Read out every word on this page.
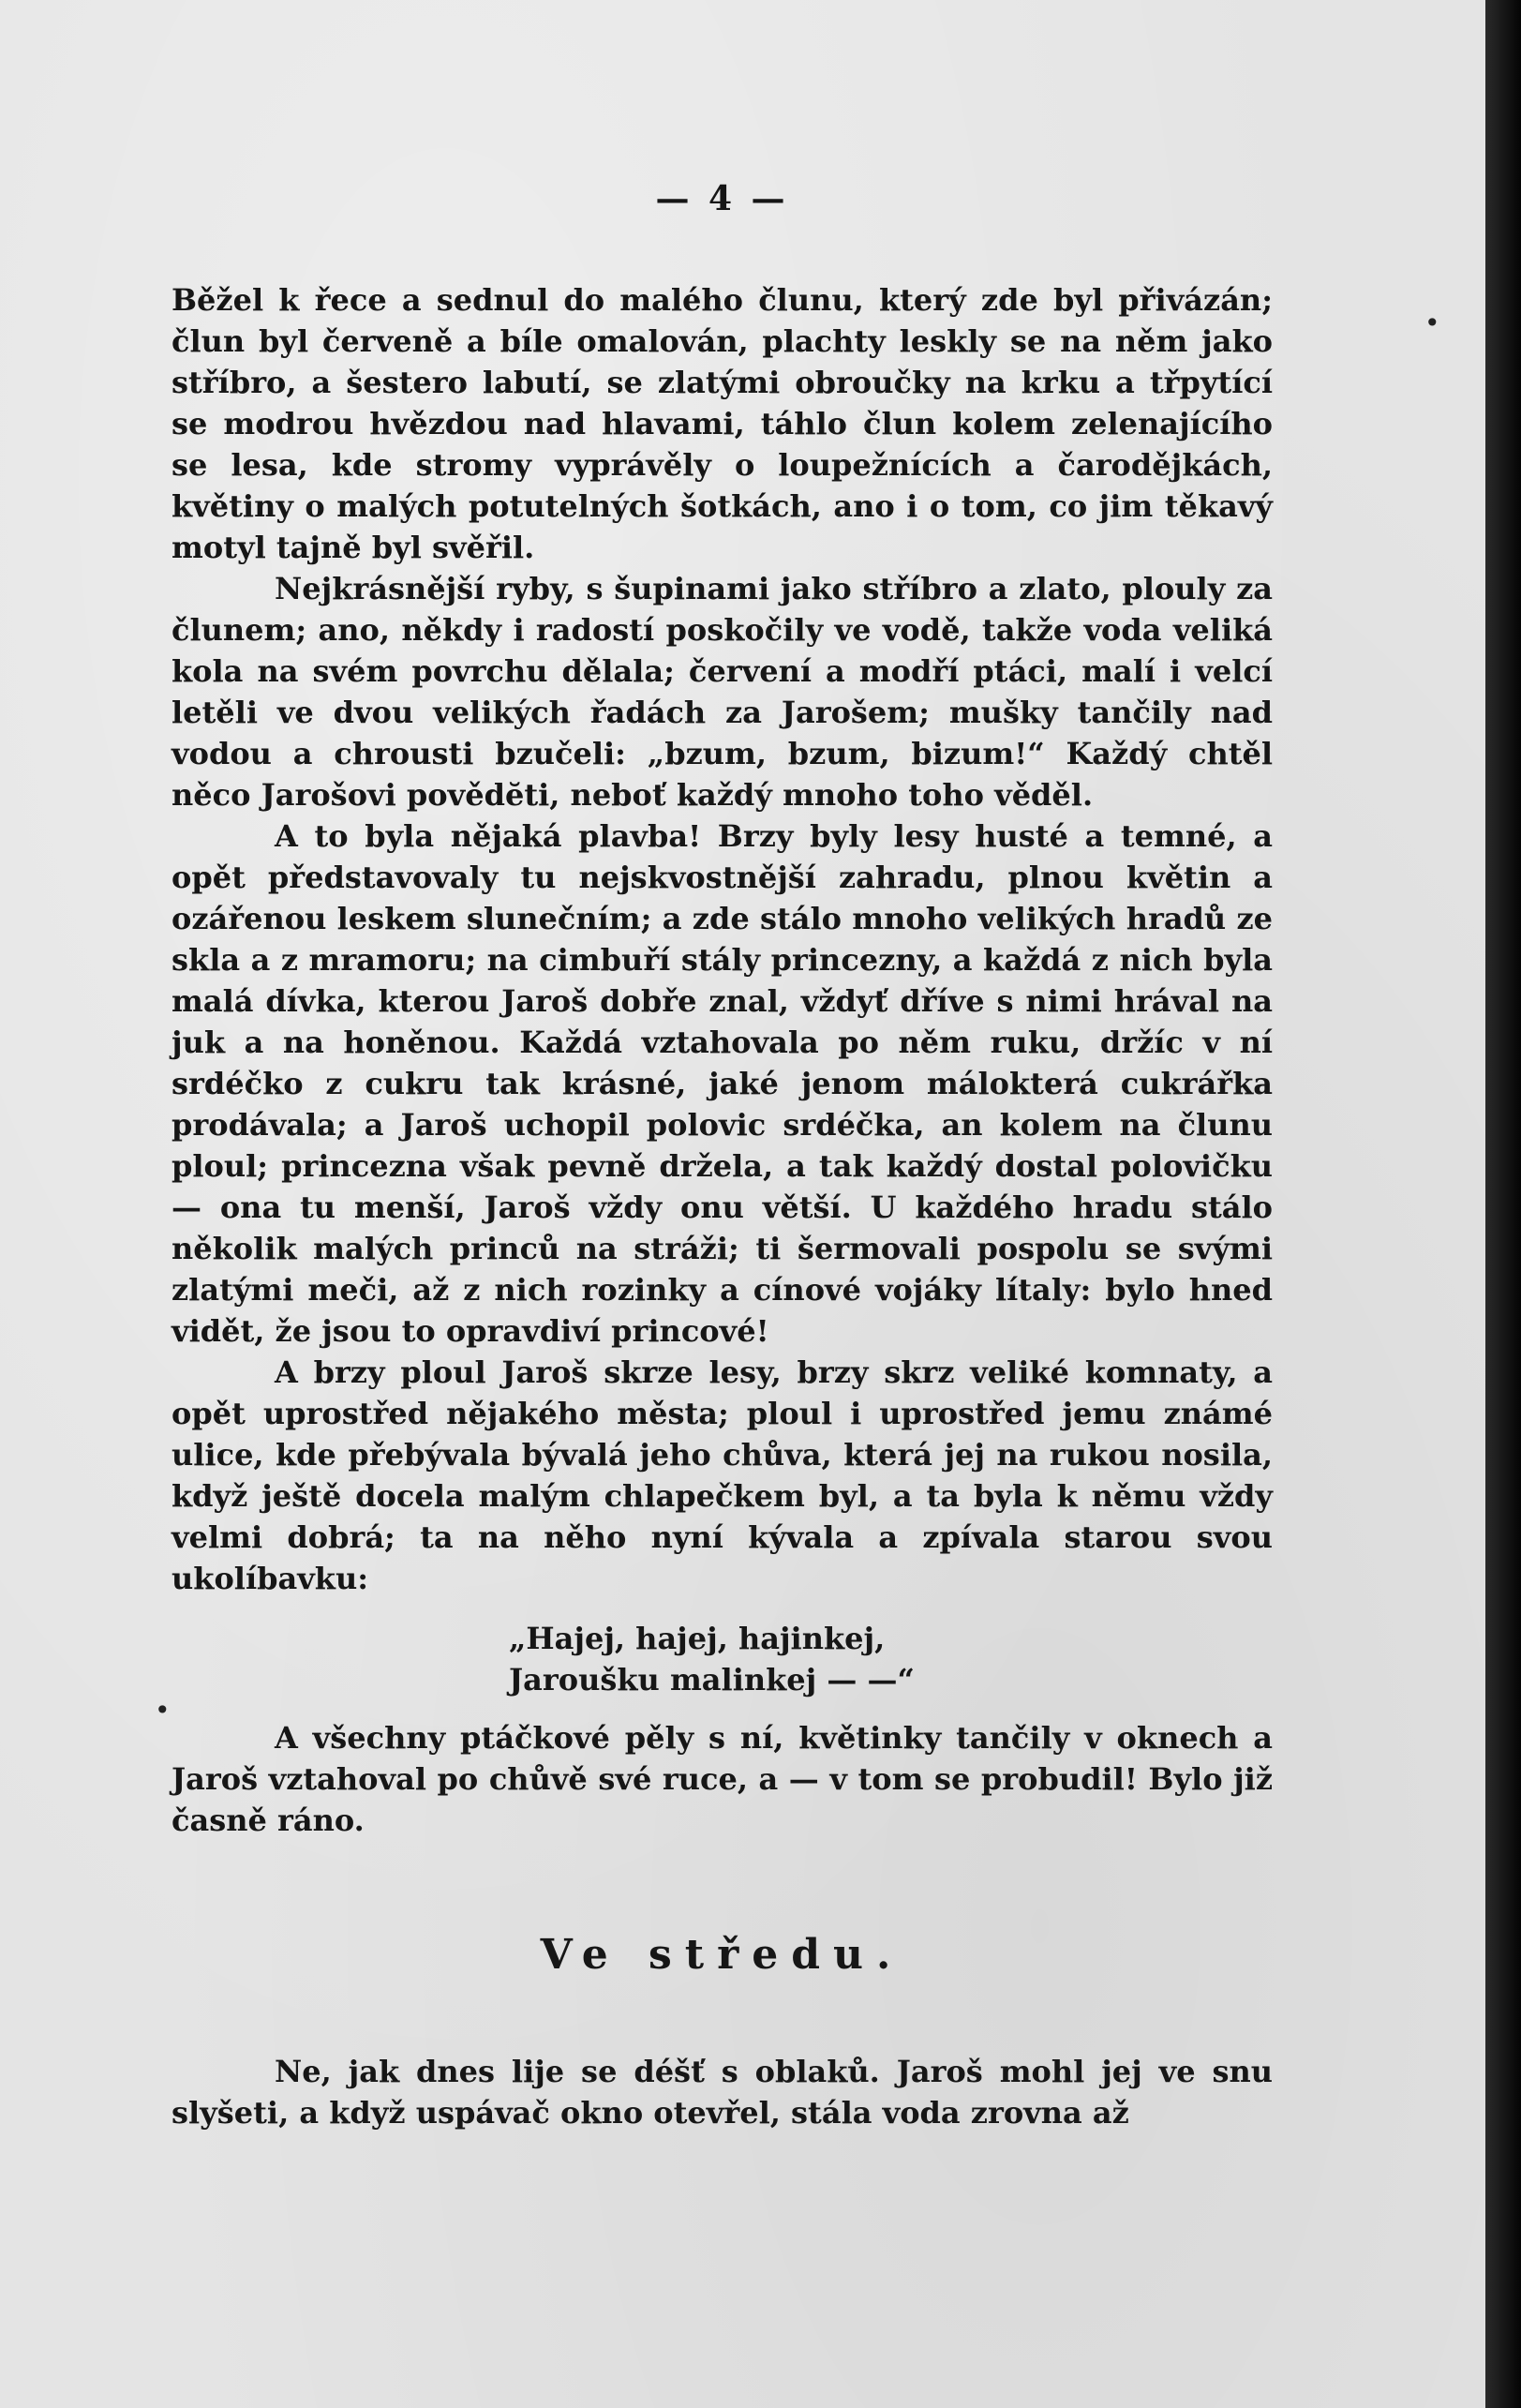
— 4 —

Běžel k řece a sednul do malého člunu, který zde byl přivázán; člun byl červeně a bíle omalován, plachty leskly se na něm jako stříbro, a šestero labutí, se zlatými obroučky na krku a třpytící se modrou hvězdou nad hlavami, táhlo člun kolem zelenajícího se lesa, kde stromy vyprávěly o loupežnících a čarodějkách, květiny o malých potutelných šotkách, ano i o tom, co jim těkavý motyl tajně byl svěřil.

Nejkrásnější ryby, s šupinami jako stříbro a zlato, plouly za člunem; ano, někdy i radostí poskočily ve vodě, takže voda veliká kola na svém povrchu dělala; červení a modří ptáci, malí i velcí letěli ve dvou velikých řadách za Jarošem; mušky tančily nad vodou a chrousti bzučeli: „bzum, bzum, bizum!“ Každý chtěl něco Jarošovi povědĕti, neboť každý mnoho toho věděl.

A to byla nějaká plavba! Brzy byly lesy husté a temné, a opět představovaly tu nejskvostnější zahradu, plnou květin a ozářenou leskem slunečním; a zde stálo mnoho velikých hradů ze skla a z mramoru; na cimbuří stály princezny, a každá z nich byla malá dívka, kterou Jaroš dobře znal, vždyť dříve s nimi hrával na juk a na honěnou. Každá vztahovala po něm ruku, držíc v ní srdéčko z cukru tak krásné, jaké jenom málokterá cukrářka prodávala; a Jaroš uchopil polovic srdéčka, an kolem na člunu ploul; princezna však pevně držela, a tak každý dostal polovičku — ona tu menší, Jaroš vždy onu větší. U každého hradu stálo několik malých princů na stráži; ti šermovali pospolu se svými zlatými meči, až z nich rozinky a cínové vojáky lítaly: bylo hned vidět, že jsou to opravdiví princové!

A brzy ploul Jaroš skrze lesy, brzy skrz veliké komnaty, a opět uprostřed nějakého města; ploul i uprostřed jemu známé ulice, kde přebývala bývalá jeho chůva, která jej na rukou nosila, když ještě docela malým chlapečkem byl, a ta byla k němu vždy velmi dobrá; ta na něho nyní kývala a zpívala starou svou ukolíbavku:

„Hajej, hajej, hajinkej,
Jaroušku malinkej — —“

A všechny ptáčkové pěly s ní, květinky tančily v oknech a Jaroš vztahoval po chůvě své ruce, a — v tom se probudil! Bylo již časně ráno.

Ve středu.

Ne, jak dnes lije se déšť s oblaků. Jaroš mohl jej ve snu slyšeti, a když uspávač okno otevřel, stála voda zrovna až

•
•
